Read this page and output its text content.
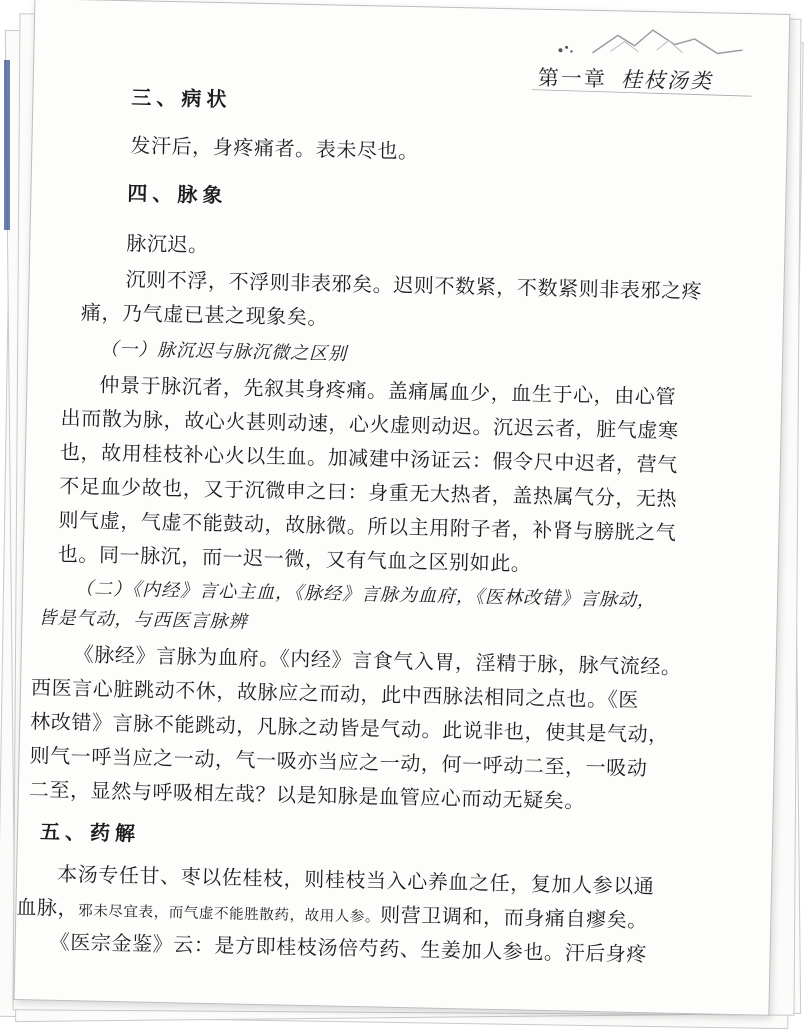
第一章 桂枝汤类
三、病状
发汗后，身疼痛者。表未尽也。
四、脉象
脉沉迟。
沉则不浮，不浮则非表邪矣。迟则不数紧，不数紧则非表邪之疼
痛，乃气虚已甚之现象矣。
（一）脉沉迟与脉沉微之区别
仲景于脉沉者，先叙其身疼痛。盖痛属血少，血生于心，由心管
出而散为脉，故心火甚则动速，心火虚则动迟。沉迟云者，脏气虚寒
也，故用桂枝补心火以生血。加减建中汤证云：假令尺中迟者，营气
不足血少故也，又于沉微申之曰：身重无大热者，盖热属气分，无热
则气虚，气虚不能鼓动，故脉微。所以主用附子者，补肾与膀胱之气
也。同一脉沉，而一迟一微，又有气血之区别如此。
（二）《内经》言心主血，《脉经》言脉为血府，《医林改错》言脉动，
皆是气动，与西医言脉辨
《脉经》言脉为血府。《内经》言食气入胃，淫精于脉，脉气流经。
西医言心脏跳动不休，故脉应之而动，此中西脉法相同之点也。《医
林改错》言脉不能跳动，凡脉之动皆是气动。此说非也，使其是气动，
则气一呼当应之一动，气一吸亦当应之一动，何一呼动二至，一吸动
二至，显然与呼吸相左哉？以是知脉是血管应心而动无疑矣。
五、药解
本汤专任甘、枣以佐桂枝，则桂枝当入心养血之任，复加人参以通
血脉，邪未尽宜表，而气虚不能胜散药，故用人参。则营卫调和，而身痛自瘳矣。
《医宗金鉴》云：是方即桂枝汤倍芍药、生姜加人参也。汗后身疼
